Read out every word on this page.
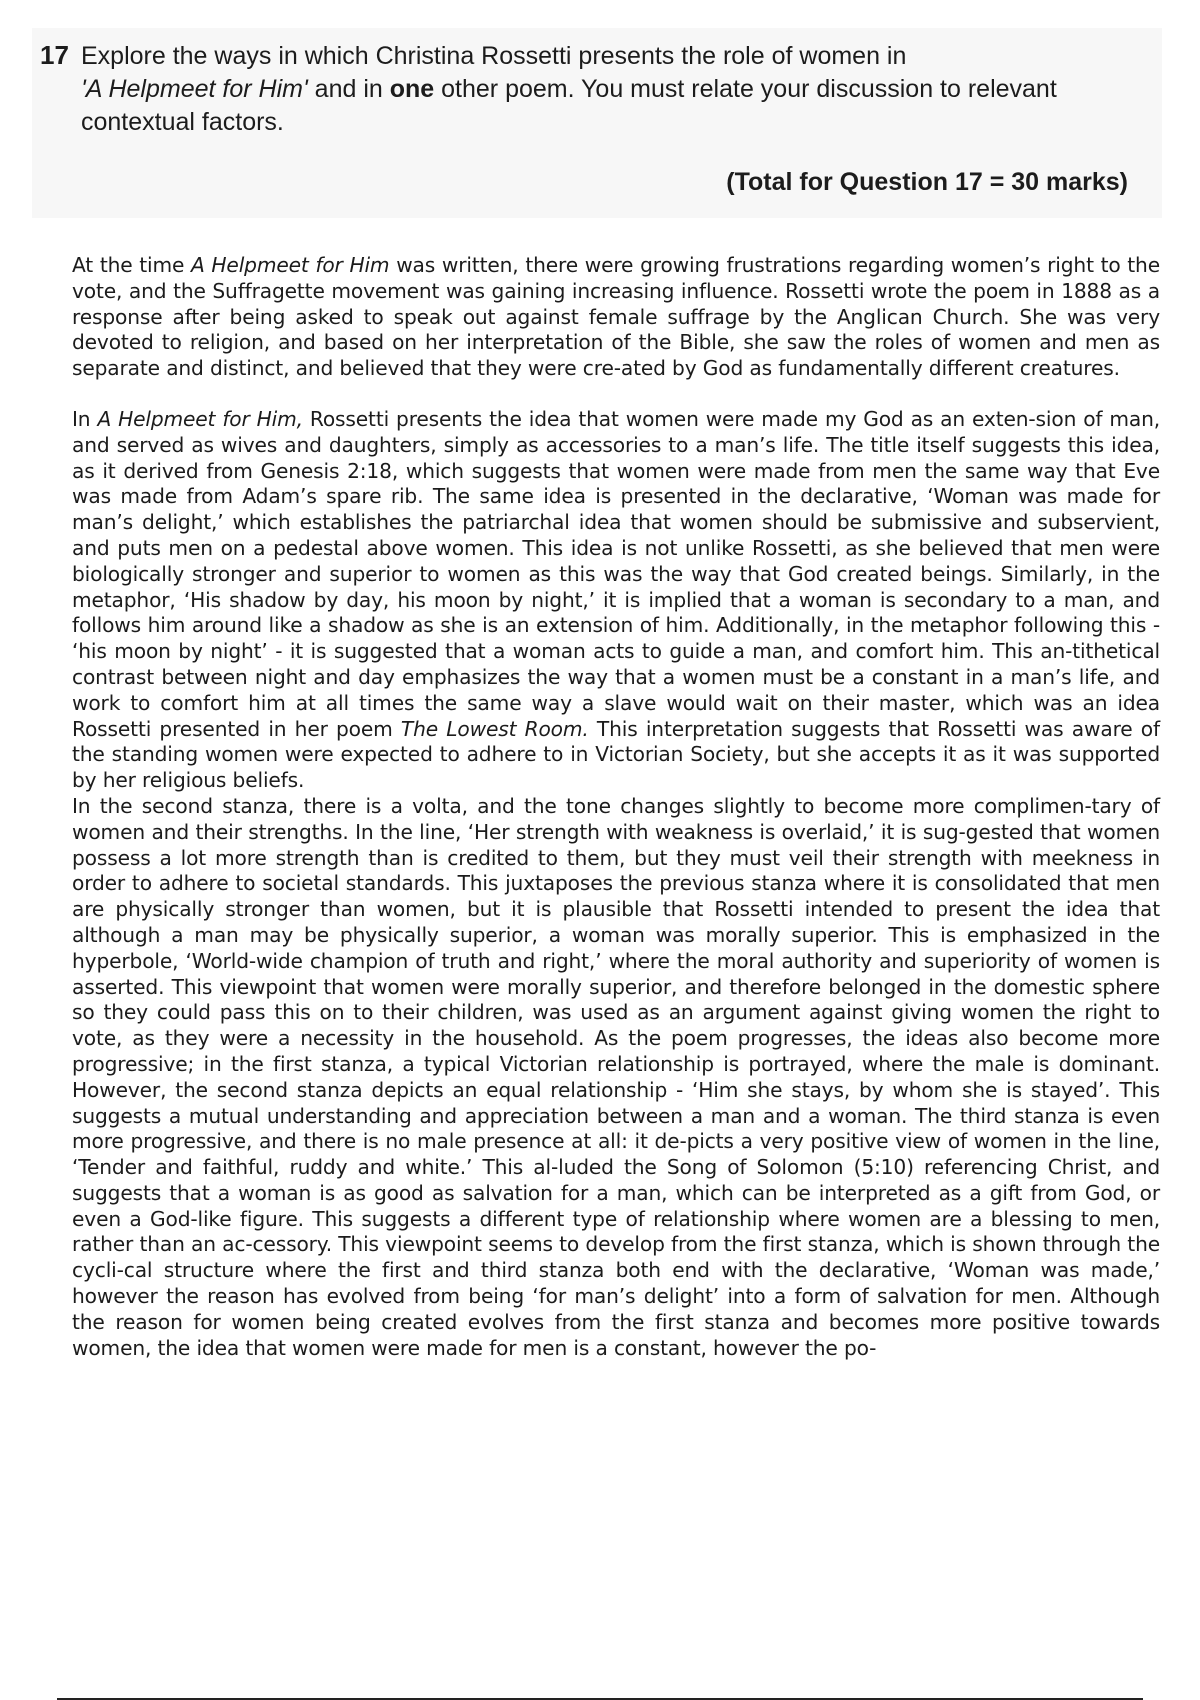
17 Explore the ways in which Christina Rossetti presents the role of women in
'A Helpmeet for Him' and in one other poem. You must relate your discussion to relevant contextual factors.
(Total for Question 17 = 30 marks)

At the time A Helpmeet for Him was written, there were growing frustrations regarding women’s right to the vote, and the Suffragette movement was gaining increasing influence. Rossetti wrote the poem in 1888 as a response after being asked to speak out against female suffrage by the Anglican Church. She was very devoted to religion, and based on her interpretation of the Bible, she saw the roles of women and men as separate and distinct, and believed that they were cre-ated by God as fundamentally different creatures.

In A Helpmeet for Him, Rossetti presents the idea that women were made my God as an exten-sion of man, and served as wives and daughters, simply as accessories to a man’s life. The title itself suggests this idea, as it derived from Genesis 2:18, which suggests that women were made from men the same way that Eve was made from Adam’s spare rib. The same idea is presented in the declarative, ‘Woman was made for man’s delight,’ which establishes the patriarchal idea that women should be submissive and subservient, and puts men on a pedestal above women. This idea is not unlike Rossetti, as she believed that men were biologically stronger and superior to women as this was the way that God created beings. Similarly, in the metaphor, ‘His shadow by day, his moon by night,’ it is implied that a woman is secondary to a man, and follows him around like a shadow as she is an extension of him. Additionally, in the metaphor following this - ‘his moon by night’ - it is suggested that a woman acts to guide a man, and comfort him. This an-tithetical contrast between night and day emphasizes the way that a women must be a constant in a man’s life, and work to comfort him at all times the same way a slave would wait on their master, which was an idea Rossetti presented in her poem The Lowest Room. This interpretation suggests that Rossetti was aware of the standing women were expected to adhere to in Victorian Society, but she accepts it as it was supported by her religious beliefs.

In the second stanza, there is a volta, and the tone changes slightly to become more complimen-tary of women and their strengths. In the line, ‘Her strength with weakness is overlaid,’ it is sug-gested that women possess a lot more strength than is credited to them, but they must veil their strength with meekness in order to adhere to societal standards. This juxtaposes the previous stanza where it is consolidated that men are physically stronger than women, but it is plausible that Rossetti intended to present the idea that although a man may be physically superior, a woman was morally superior. This is emphasized in the hyperbole, ‘World-wide champion of truth and right,’ where the moral authority and superiority of women is asserted. This viewpoint that women were morally superior, and therefore belonged in the domestic sphere so they could pass this on to their children, was used as an argument against giving women the right to vote, as they were a necessity in the household. As the poem progresses, the ideas also become more progressive; in the first stanza, a typical Victorian relationship is portrayed, where the male is dominant. However, the second stanza depicts an equal relationship - ‘Him she stays, by whom she is stayed’. This suggests a mutual understanding and appreciation between a man and a woman. The third stanza is even more progressive, and there is no male presence at all: it de-picts a very positive view of women in the line, ‘Tender and faithful, ruddy and white.’ This al-luded the Song of Solomon (5:10) referencing Christ, and suggests that a woman is as good as salvation for a man, which can be interpreted as a gift from God, or even a God-like figure. This suggests a different type of relationship where women are a blessing to men, rather than an ac-cessory. This viewpoint seems to develop from the first stanza, which is shown through the cycli-cal structure where the first and third stanza both end with the declarative, ‘Woman was made,’ however the reason has evolved from being ‘for man’s delight’ into a form of salvation for men. Although the reason for women being created evolves from the first stanza and becomes more positive towards women, the idea that women were made for men is a constant, however the po-
